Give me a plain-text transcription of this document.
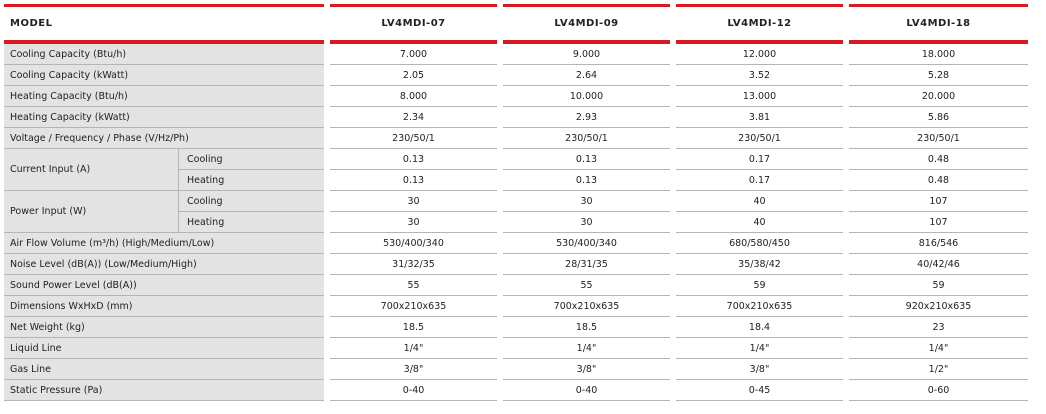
MODEL			LV4MDI-07		LV4MDI-09		LV4MDI-12		LV4MDI-18
Cooling Capacity (Btu/h)			7.000		9.000		12.000		18.000
Cooling Capacity (kWatt)			2.05		2.64		3.52		5.28
Heating Capacity (Btu/h)			8.000		10.000		13.000		20.000
Heating Capacity (kWatt)			2.34		2.93		3.81		5.86
Voltage / Frequency / Phase (V/Hz/Ph)			230/50/1		230/50/1		230/50/1		230/50/1
Current Input (A)	Cooling		0.13		0.13		0.17		0.48
	Heating		0.13		0.13		0.17		0.48
Power Input (W)	Cooling		30		30		40		107
	Heating		30		30		40		107
Air Flow Volume (m³/h) (High/Medium/Low)			530/400/340		530/400/340		680/580/450		816/546
Noise Level (dB(A)) (Low/Medium/High)			31/32/35		28/31/35		35/38/42		40/42/46
Sound Power Level (dB(A))			55		55		59		59
Dimensions WxHxD (mm)			700x210x635		700x210x635		700x210x635		920x210x635
Net Weight (kg)			18.5		18.5		18.4		23
Liquid Line			1/4"		1/4"		1/4"		1/4"
Gas Line			3/8"		3/8"		3/8"		1/2"
Static Pressure (Pa)			0-40		0-40		0-45		0-60
